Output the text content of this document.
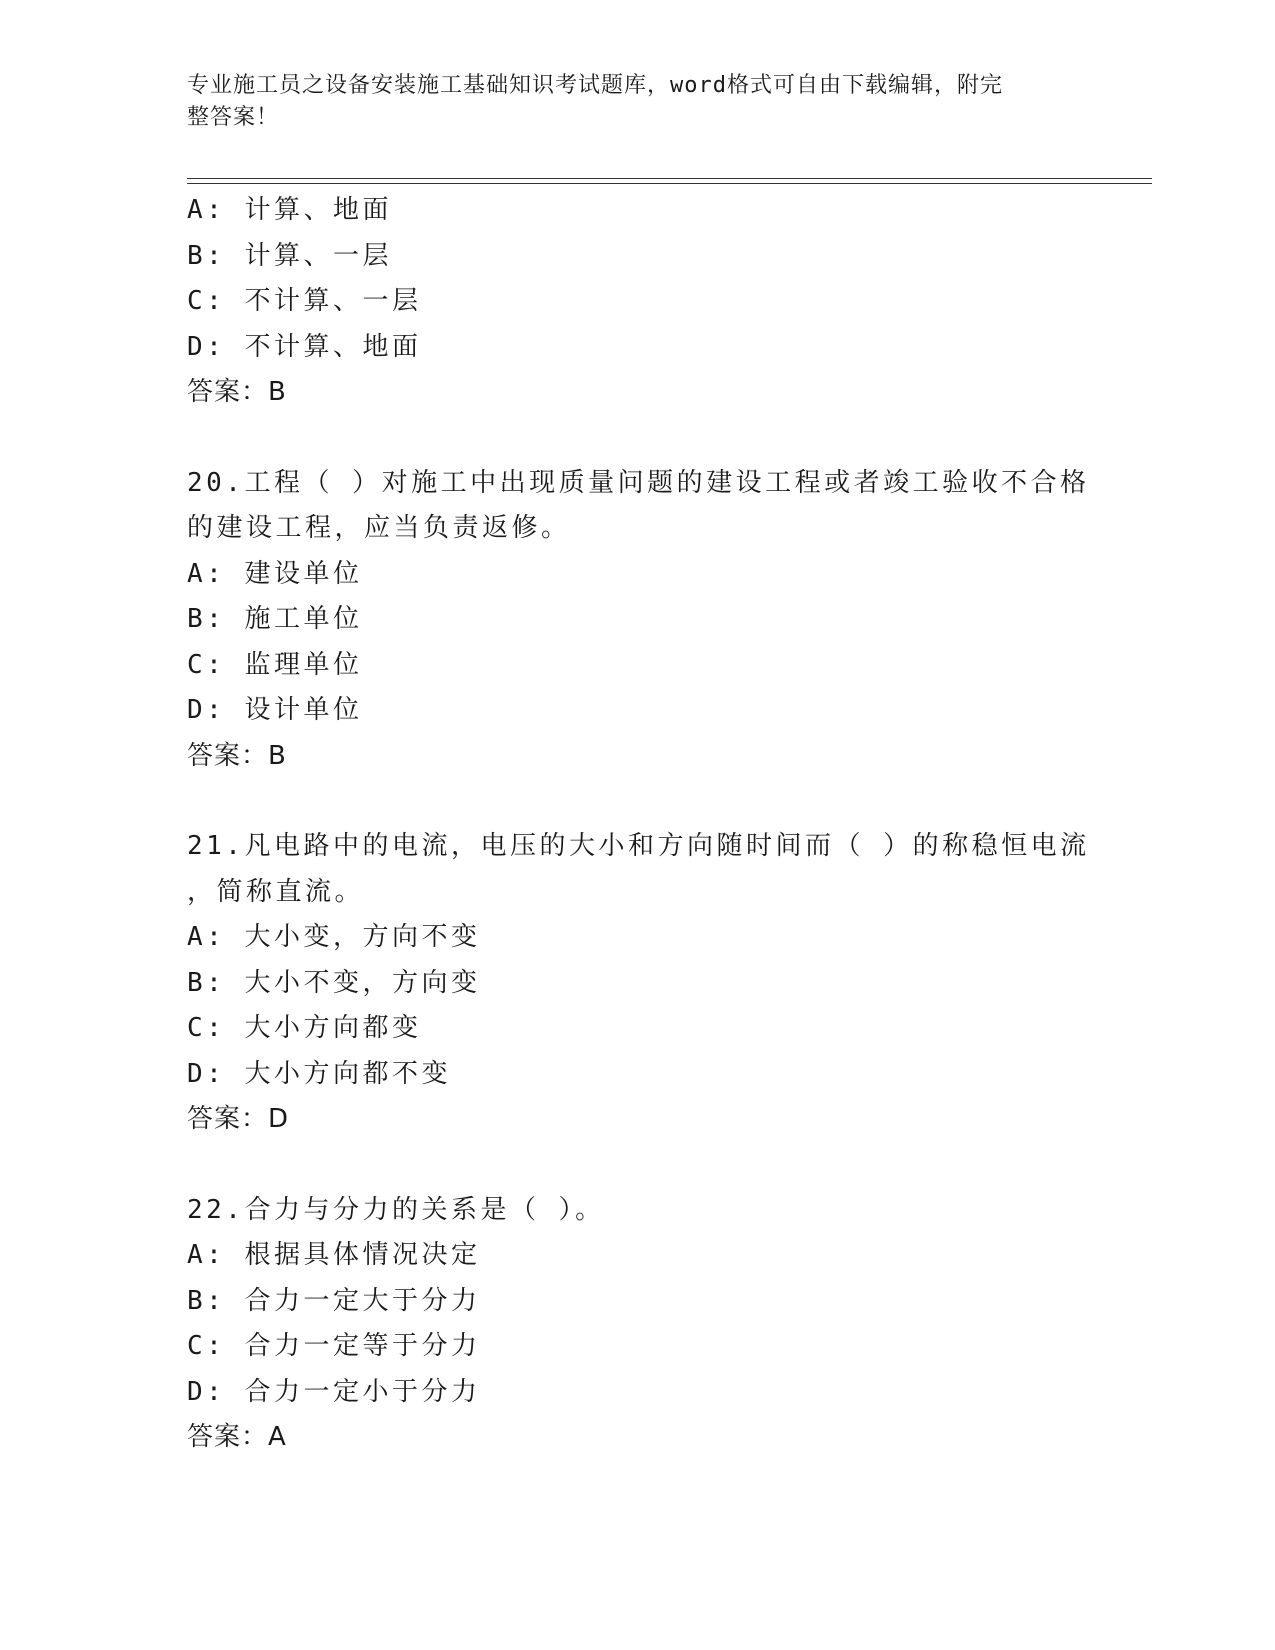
专业施工员之设备安装施工基础知识考试题库，word格式可自由下载编辑，附完
整答案！
A: 计算、地面
B: 计算、一层
C: 不计算、一层
D: 不计算、地面
答案：B
20.工程（ ）对施工中出现质量问题的建设工程或者竣工验收不合格
的建设工程，应当负责返修。
A: 建设单位
B: 施工单位
C: 监理单位
D: 设计单位
答案：B
21.凡电路中的电流，电压的大小和方向随时间而（ ）的称稳恒电流
，简称直流。
A: 大小变，方向不变
B: 大小不变，方向变
C: 大小方向都变
D: 大小方向都不变
答案：D
22.合力与分力的关系是（ ）。
A: 根据具体情况决定
B: 合力一定大于分力
C: 合力一定等于分力
D: 合力一定小于分力
答案：A
